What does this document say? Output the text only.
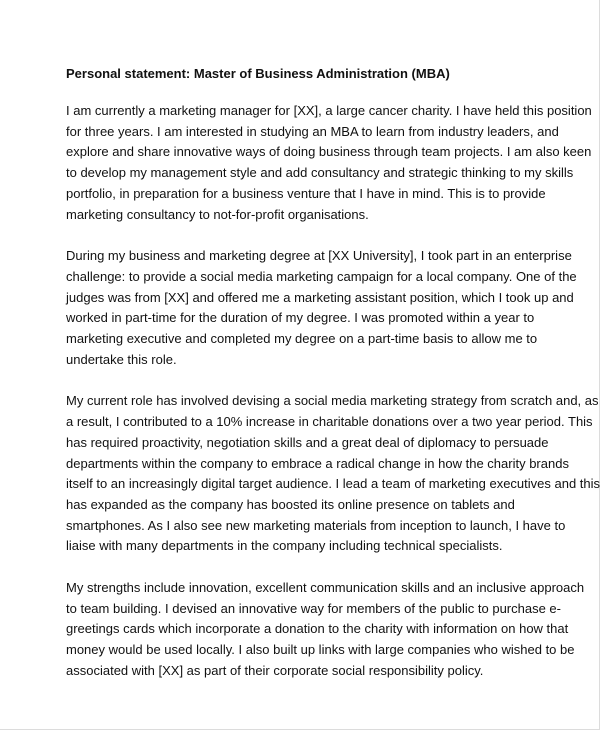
Personal statement: Master of Business Administration (MBA)
I am currently a marketing manager for [XX], a large cancer charity. I have held this position
for three years. I am interested in studying an MBA to learn from industry leaders, and
explore and share innovative ways of doing business through team projects. I am also keen
to develop my management style and add consultancy and strategic thinking to my skills
portfolio, in preparation for a business venture that I have in mind. This is to provide
marketing consultancy to not-for-profit organisations.
During my business and marketing degree at [XX University], I took part in an enterprise
challenge: to provide a social media marketing campaign for a local company. One of the
judges was from [XX] and offered me a marketing assistant position, which I took up and
worked in part-time for the duration of my degree. I was promoted within a year to
marketing executive and completed my degree on a part-time basis to allow me to
undertake this role.
My current role has involved devising a social media marketing strategy from scratch and, as
a result, I contributed to a 10% increase in charitable donations over a two year period. This
has required proactivity, negotiation skills and a great deal of diplomacy to persuade
departments within the company to embrace a radical change in how the charity brands
itself to an increasingly digital target audience. I lead a team of marketing executives and this
has expanded as the company has boosted its online presence on tablets and
smartphones. As I also see new marketing materials from inception to launch, I have to
liaise with many departments in the company including technical specialists.
My strengths include innovation, excellent communication skills and an inclusive approach
to team building. I devised an innovative way for members of the public to purchase e-
greetings cards which incorporate a donation to the charity with information on how that
money would be used locally. I also built up links with large companies who wished to be
associated with [XX] as part of their corporate social responsibility policy.
